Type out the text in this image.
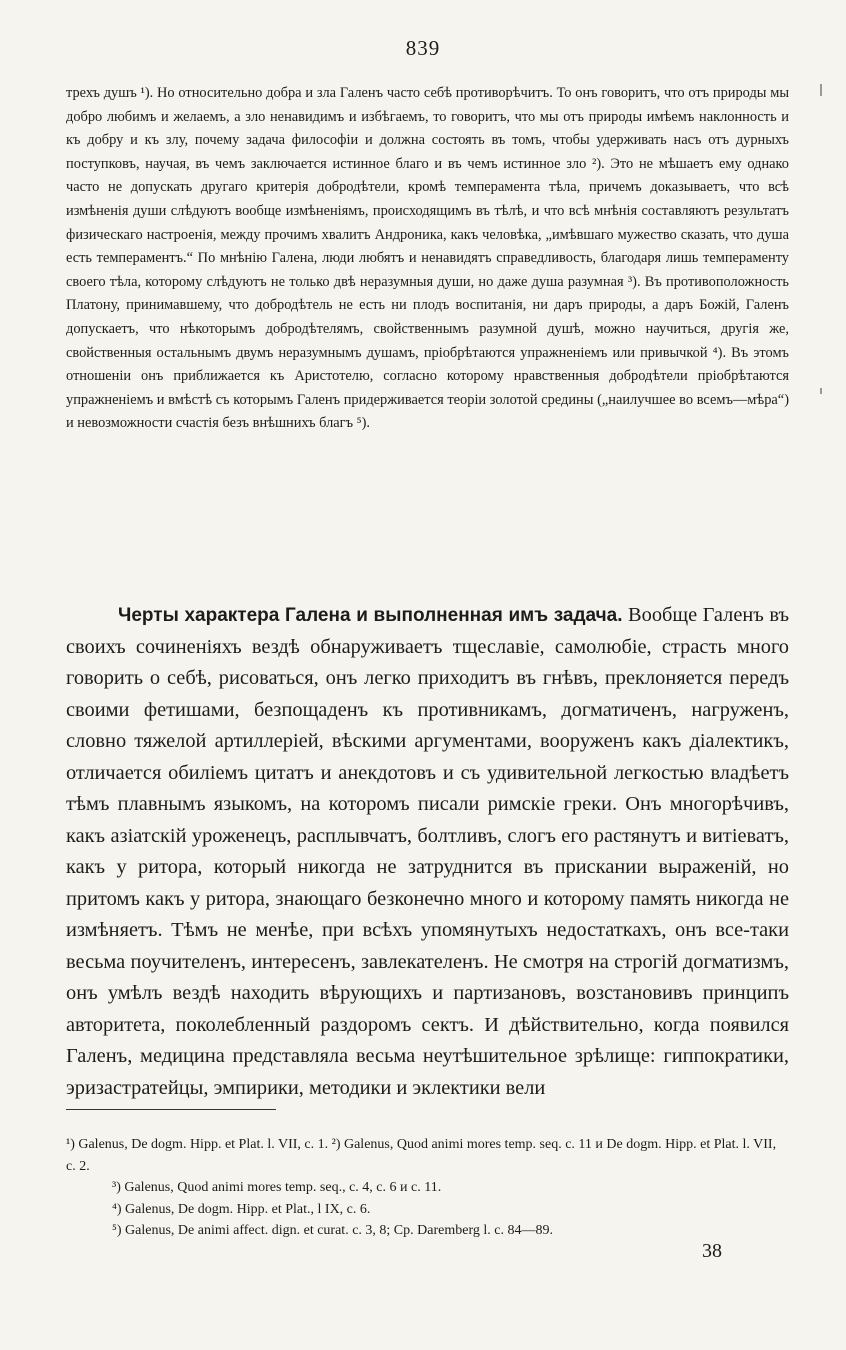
839

трехъ душъ ¹). Но относительно добра и зла Галенъ часто себѣ противорѣчитъ. То онъ говоритъ, что отъ природы мы добро любимъ и желаемъ, а зло ненавидимъ и избѣгаемъ, то говоритъ, что мы отъ природы имѣемъ наклонность и къ добру и къ злу, почему задача философіи и должна состоять въ томъ, чтобы удерживать насъ отъ дурныхъ поступковъ, научая, въ чемъ заключается истинное благо и въ чемъ истинное зло ²). Это не мѣшаетъ ему однако часто не допускать другаго критерія добродѣтели, кромѣ темперамента тѣла, причемъ доказываетъ, что всѣ измѣненія души слѣдуютъ вообще измѣненіямъ, происходящимъ въ тѣлѣ, и что всѣ мнѣнія составляютъ результатъ физическаго настроенія, между прочимъ хвалитъ Андроника, какъ человѣка, „имѣвшаго мужество сказать, что душа есть темпераментъ.“ По мнѣнію Галена, люди любятъ и ненавидятъ справедливость, благодаря лишь темпераменту своего тѣла, которому слѣдуютъ не только двѣ неразумныя души, но даже душа разумная ³). Въ противоположность Платону, принимавшему, что добродѣтель не есть ни плодъ воспитанія, ни даръ природы, а даръ Божій, Галенъ допускаетъ, что нѣкоторымъ добродѣтелямъ, свойственнымъ разумной душѣ, можно научиться, другія же, свойственныя остальнымъ двумъ неразумнымъ душамъ, пріобрѣтаются упражненіемъ или привычкой ⁴). Въ этомъ отношеніи онъ приближается къ Аристотелю, согласно которому нравственныя добродѣтели пріобрѣтаются упражненіемъ и вмѣстѣ съ которымъ Галенъ придерживается теоріи золотой средины („наилучшее во всемъ—мѣра“) и невозможности счастія безъ внѣшнихъ благъ ⁵).

Черты характера Галена и выполненная имъ задача. Вообще Галенъ въ своихъ сочиненіяхъ вездѣ обнаруживаетъ тщеславіе, самолюбіе, страсть много говорить о себѣ, рисоваться, онъ легко приходитъ въ гнѣвъ, преклоняется передъ своими фетишами, безпощаденъ къ противникамъ, догматиченъ, нагруженъ, словно тяжелой артиллеріей, вѣскими аргументами, вооруженъ какъ діалектикъ, отличается обиліемъ цитатъ и анекдотовъ и съ удивительной легкостью владѣетъ тѣмъ плавнымъ языкомъ, на которомъ писали римскіе греки. Онъ многорѣчивъ, какъ азіатскій уроженецъ, расплывчатъ, болтливъ, слогъ его растянутъ и витіеватъ, какъ у ритора, который никогда не затруднится въ прискании выраженій, но притомъ какъ у ритора, знающаго безконечно много и которому память никогда не измѣняетъ. Тѣмъ не менѣе, при всѣхъ упомянутыхъ недостаткахъ, онъ все-таки весьма поучителенъ, интересенъ, завлекателенъ. Не смотря на строгій догматизмъ, онъ умѣлъ вездѣ находить вѣрующихъ и партизановъ, возстановивъ принципъ авторитета, поколебленный раздоромъ сектъ. И дѣйствительно, когда появился Галенъ, медицина представляла весьма неутѣшительное зрѣлище: гиппократики, эризастратейцы, эмпирики, методики и эклектики вели

¹) Galenus, De dogm. Hipp. et Plat. l. VII, c. 1. ²) Galenus, Quod animi mores temp. seq. c. 11 и De dogm. Hipp. et Plat. l. VII, c. 2.

³) Galenus, Quod animi mores temp. seq., c. 4, c. 6 и c. 11.

⁴) Galenus, De dogm. Hipp. et Plat., l IX, c. 6.

⁵) Galenus, De animi affect. dign. et curat. c. 3, 8; Ср. Daremberg l. c. 84—89.

38
